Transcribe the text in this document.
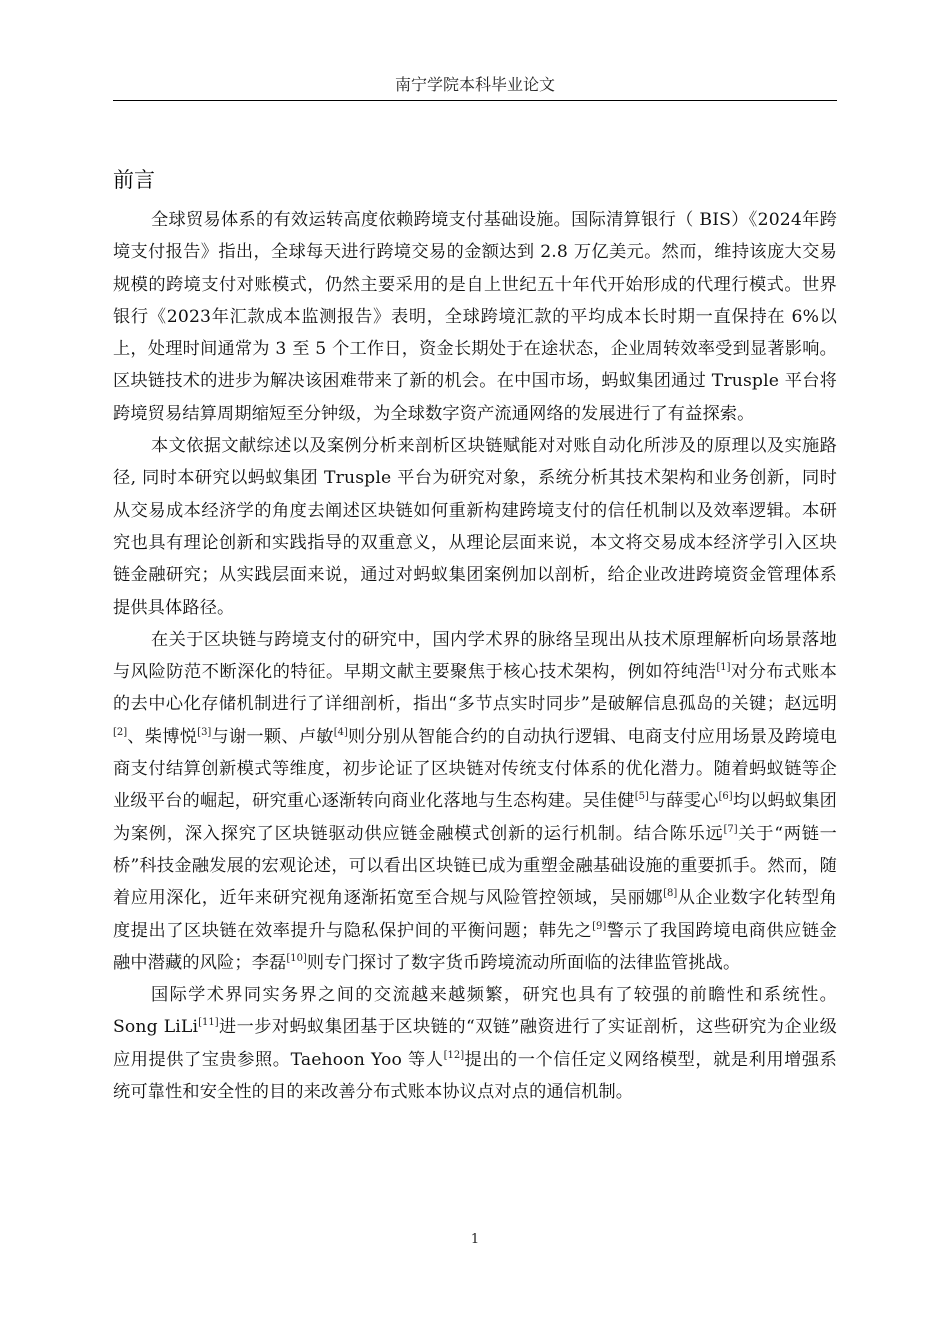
南宁学院本科毕业论文
前言

全球贸易体系的有效运转高度依赖跨境支付基础设施。国际清算银行（ BIS）《2024年跨境支付报告》指出，全球每天进行跨境交易的金额达到 2.8 万亿美元。然而，维持该庞大交易规模的跨境支付对账模式，仍然主要采用的是自上世纪五十年代开始形成的代理行模式。世界银行《2023年汇款成本监测报告》表明，全球跨境汇款的平均成本长时期一直保持在 6%以上，处理时间通常为 3 至 5 个工作日，资金长期处于在途状态，企业周转效率受到显著影响。区块链技术的进步为解决该困难带来了新的机会。在中国市场，蚂蚁集团通过 Trusple 平台将跨境贸易结算周期缩短至分钟级，为全球数字资产流通网络的发展进行了有益探索。

本文依据文献综述以及案例分析来剖析区块链赋能对对账自动化所涉及的原理以及实施路径, 同时本研究以蚂蚁集团 Trusple 平台为研究对象，系统分析其技术架构和业务创新，同时从交易成本经济学的角度去阐述区块链如何重新构建跨境支付的信任机制以及效率逻辑。本研究也具有理论创新和实践指导的双重意义，从理论层面来说，本文将交易成本经济学引入区块链金融研究；从实践层面来说，通过对蚂蚁集团案例加以剖析，给企业改进跨境资金管理体系提供具体路径。

在关于区块链与跨境支付的研究中，国内学术界的脉络呈现出从技术原理解析向场景落地与风险防范不断深化的特征。早期文献主要聚焦于核心技术架构，例如符纯浩[1]对分布式账本的去中心化存储机制进行了详细剖析，指出“多节点实时同步”是破解信息孤岛的关键；赵远明[2]、柴博悦[3]与谢一颗、卢敏[4]则分别从智能合约的自动执行逻辑、电商支付应用场景及跨境电商支付结算创新模式等维度，初步论证了区块链对传统支付体系的优化潜力。随着蚂蚁链等企业级平台的崛起，研究重心逐渐转向商业化落地与生态构建。吴佳健[5]与薛雯心[6]均以蚂蚁集团为案例，深入探究了区块链驱动供应链金融模式创新的运行机制。结合陈乐远[7]关于“两链一桥”科技金融发展的宏观论述，可以看出区块链已成为重塑金融基础设施的重要抓手。然而，随着应用深化，近年来研究视角逐渐拓宽至合规与风险管控领域，吴丽娜[8]从企业数字化转型角度提出了区块链在效率提升与隐私保护间的平衡问题；韩先之[9]警示了我国跨境电商供应链金融中潜藏的风险；李磊[10]则专门探讨了数字货币跨境流动所面临的法律监管挑战。

国际学术界同实务界之间的交流越来越频繁，研究也具有了较强的前瞻性和系统性。Song LiLi[11]进一步对蚂蚁集团基于区块链的“双链”融资进行了实证剖析，这些研究为企业级应用提供了宝贵参照。Taehoon Yoo 等人[12]提出的一个信任定义网络模型，就是利用增强系统可靠性和安全性的目的来改善分布式账本协议点对点的通信机制。

1
